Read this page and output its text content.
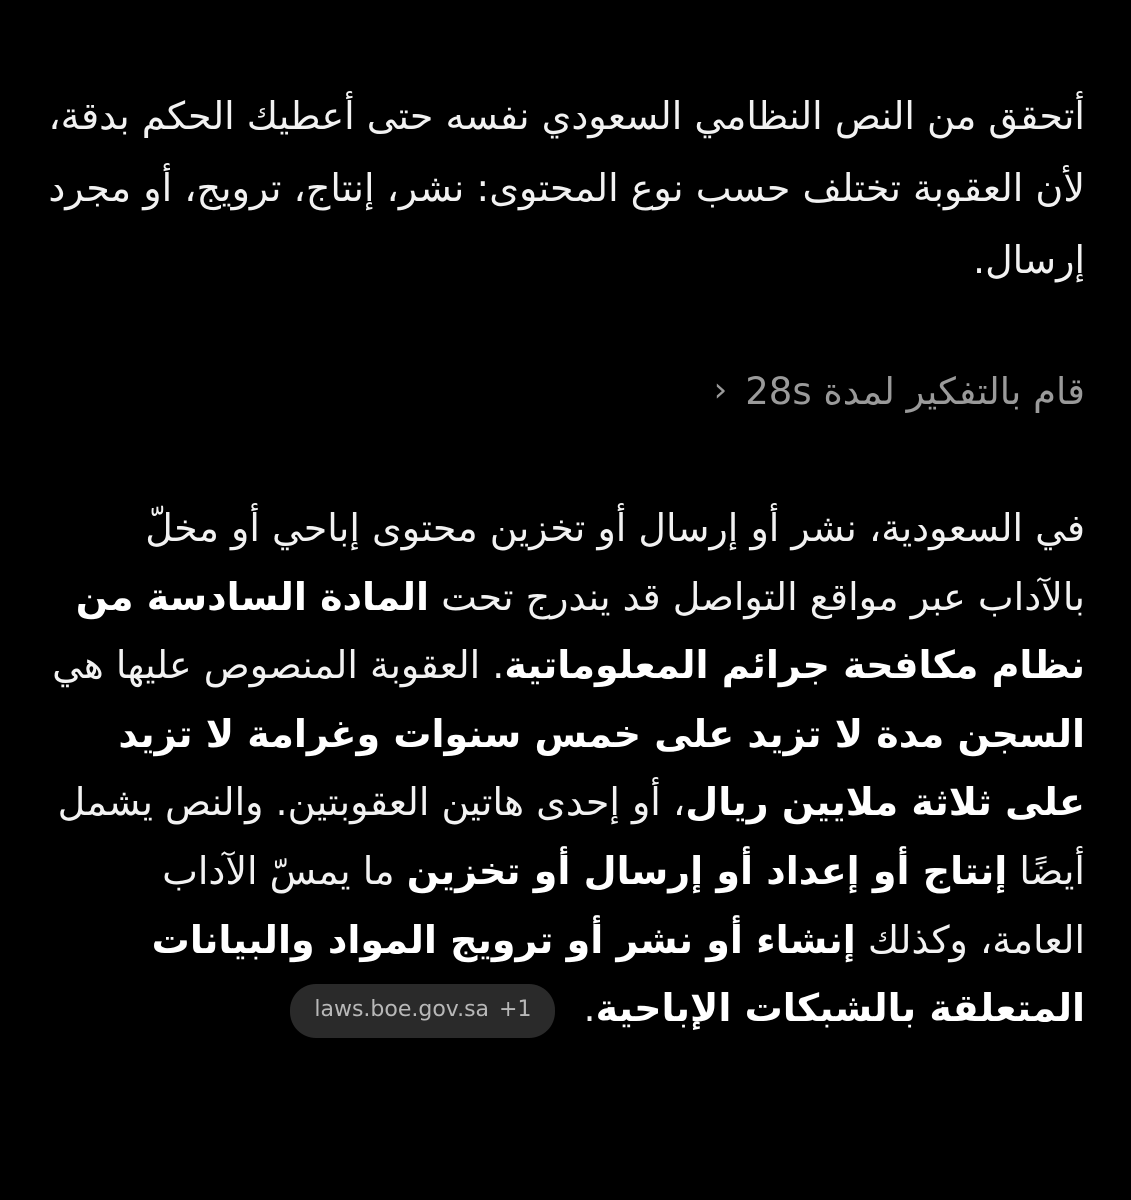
أتحقق من النص النظامي السعودي نفسه حتى أعطيك الحكم بدقة، لأن العقوبة تختلف حسب نوع المحتوى: نشر، إنتاج، ترويج، أو مجرد إرسال.

قام بالتفكير لمدة 28s
‹

في السعودية، نشر أو إرسال أو تخزين محتوى إباحي أو مخلّ بالآداب عبر مواقع التواصل قد يندرج تحت المادة السادسة من نظام مكافحة جرائم المعلوماتية. العقوبة المنصوص عليها هي السجن مدة لا تزيد على خمس سنوات وغرامة لا تزيد على ثلاثة ملايين ريال، أو إحدى هاتين العقوبتين. والنص يشمل أيضًا إنتاج أو إعداد أو إرسال أو تخزين ما يمسّ الآداب العامة، وكذلك إنشاء أو نشر أو ترويج المواد والبيانات المتعلقة بالشبكات الإباحية.
laws.boe.gov.sa +1
